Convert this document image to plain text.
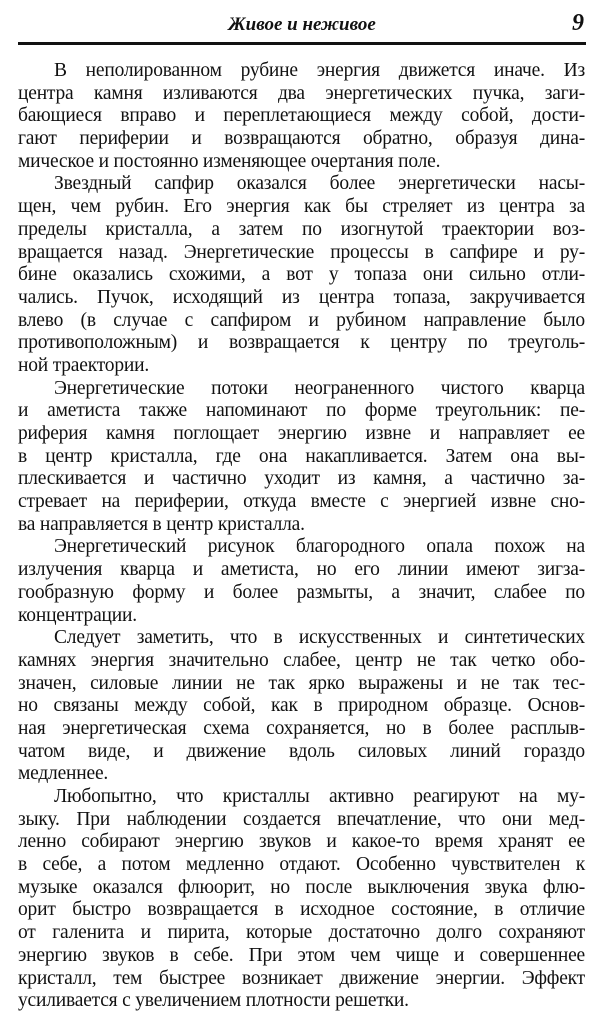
Живое и неживое	9
В неполированном рубине энергия движется иначе. Из
центра камня изливаются два энергетических пучка, заги-
бающиеся вправо и переплетающиеся между собой, дости-
гают периферии и возвращаются обратно, образуя дина-
мическое и постоянно изменяющее очертания поле.
Звездный сапфир оказался более энергетически насы-
щен, чем рубин. Его энергия как бы стреляет из центра за
пределы кристалла, а затем по изогнутой траектории воз-
вращается назад. Энергетические процессы в сапфире и ру-
бине оказались схожими, а вот у топаза они сильно отли-
чались. Пучок, исходящий из центра топаза, закручивается
влево (в случае с сапфиром и рубином направление было
противоположным) и возвращается к центру по треуголь-
ной траектории.
Энергетические потоки неограненного чистого кварца
и аметиста также напоминают по форме треугольник: пе-
риферия камня поглощает энергию извне и направляет ее
в центр кристалла, где она накапливается. Затем она вы-
плескивается и частично уходит из камня, а частично за-
стревает на периферии, откуда вместе с энергией извне сно-
ва направляется в центр кристалла.
Энергетический рисунок благородного опала похож на
излучения кварца и аметиста, но его линии имеют зигза-
гообразную форму и более размыты, а значит, слабее по
концентрации.
Следует заметить, что в искусственных и синтетических
камнях энергия значительно слабее, центр не так четко обо-
значен, силовые линии не так ярко выражены и не так тес-
но связаны между собой, как в природном образце. Основ-
ная энергетическая схема сохраняется, но в более расплыв-
чатом виде, и движение вдоль силовых линий гораздо
медленнее.
Любопытно, что кристаллы активно реагируют на му-
зыку. При наблюдении создается впечатление, что они мед-
ленно собирают энергию звуков и какое-то время хранят ее
в себе, а потом медленно отдают. Особенно чувствителен к
музыке оказался флюорит, но после выключения звука флю-
орит быстро возвращается в исходное состояние, в отличие
от галенита и пирита, которые достаточно долго сохраняют
энергию звуков в себе. При этом чем чище и совершеннее
кристалл, тем быстрее возникает движение энергии. Эффект
усиливается с увеличением плотности решетки.
